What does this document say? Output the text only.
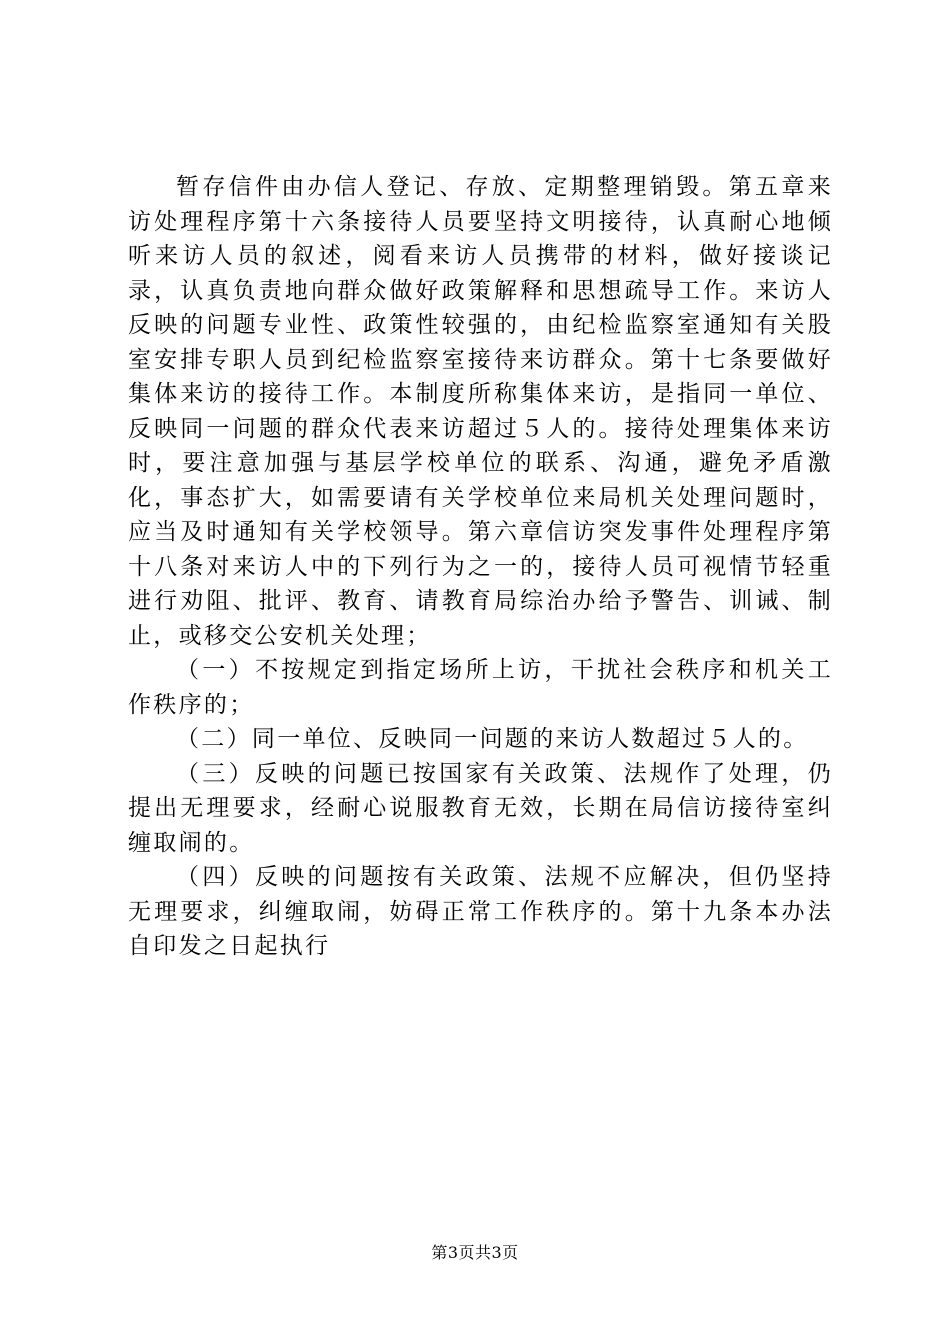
暂存信件由办信人登记、存放、定期整理销毁。第五章来访处理程序第十六条接待人员要坚持文明接待，认真耐心地倾听来访人员的叙述，阅看来访人员携带的材料，做好接谈记录，认真负责地向群众做好政策解释和思想疏导工作。来访人反映的问题专业性、政策性较强的，由纪检监察室通知有关股室安排专职人员到纪检监察室接待来访群众。第十七条要做好集体来访的接待工作。本制度所称集体来访，是指同一单位、反映同一问题的群众代表来访超过５人的。接待处理集体来访时，要注意加强与基层学校单位的联系、沟通，避免矛盾激化，事态扩大，如需要请有关学校单位来局机关处理问题时，应当及时通知有关学校领导。第六章信访突发事件处理程序第十八条对来访人中的下列行为之一的，接待人员可视情节轻重进行劝阻、批评、教育、请教育局综治办给予警告、训诫、制止，或移交公安机关处理；

（一）不按规定到指定场所上访，干扰社会秩序和机关工作秩序的；

（二）同一单位、反映同一问题的来访人数超过５人的。

（三）反映的问题已按国家有关政策、法规作了处理，仍提出无理要求，经耐心说服教育无效，长期在局信访接待室纠缠取闹的。

（四）反映的问题按有关政策、法规不应解决，但仍坚持无理要求，纠缠取闹，妨碍正常工作秩序的。第十九条本办法自印发之日起执行

第3页共3页
